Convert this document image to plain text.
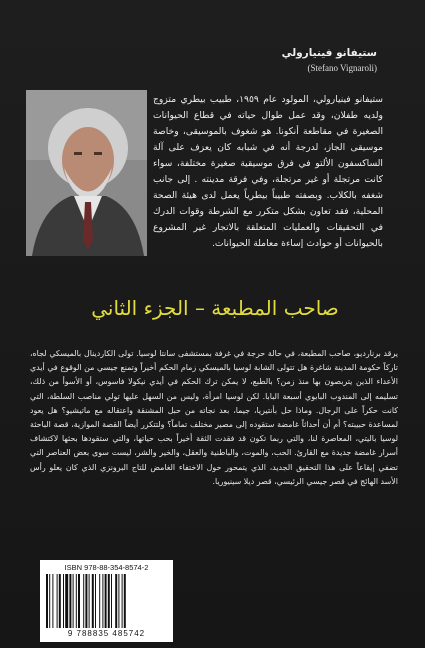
ستيفانو فينيارولي
(Stefano Vignaroli)
ستيفانو فينيارولي، المولود عام ١٩٥٩، طبيب بيطري متزوج ولديه طفلان، وقد عمل طوال حياته في قطاع الحيوانات الصغيرة في مقاطعة أنكونا. هو شغوف بالموسيقى، وخاصة موسيقى الجاز، لدرجة أنه في شبابه كان يعزف على آلة الساكسفون الألتو في فرق موسيقية صغيرة مختلفة، سواء كانت مرتجلة أو غير مرتجلة، وفي فرقة مدينته . إلى جانب شغفه بالكلاب. وبصفته طبيباً بيطرياً يعمل لدى هيئة الصحة المحلية، فقد تعاون بشكل متكرر مع الشرطة وقوات الدرك في التحقيقات والعمليات المتعلقة بالاتجار غير المشروع بالحيوانات أو حوادث إساءة معاملة الحيوانات.
صاحب المطبعة – الجزء الثاني
يرقد برنارديو، صاحب المطبعة، في حالة حرجة في غرفة بمستشفى سانتا لوسيا. تولى الكاردينال بالميسكي لجاه، تاركاً حكومة المدينة شاغرة هل تتولى الشابة لوسيا بالميسكي زمام الحكم أخيراً وتمنع جيسي من الوقوع في أيدي الأعداء الذين يتربصون بها منذ زمن؟ بالطبع، لا يمكن ترك الحكم في أيدي نيكولا فاسوس، أو الأسوأ من ذلك، تسليمه إلى المندوب البابوي أسبعة البابا. لكن لوسيا امرأة، وليس من السهل عليها تولي مناصب السلطة، التي كانت حكراً على الرجال. وماذا حل بأنتيريا، جيما، بعد نجاته من حبل المشنقة واعتقاله مع ماتيشيو؟ هل يعود لمساعدة حبيبته؟ أم أن أحداثاً غامضة ستقوده إلى مصير مختلف تماماً؟ ولتتكرر أيضاً القصة الموازية، قصة الباحثة لوسيا باليتي، المعاصرة لنا، والتي ربما تكون قد فقدت الثقة أخيراً بحب حياتها، والتي ستقودها بحثها لاكتشاف أسرار غامضة جديدة مع القارئ. الحب، والموت، والباطنية والعقل، والخير والشر، ليست سوى بعض العناصر التي تضفي إيقاعاً على هذا التحقيق الجديد، الذي يتمحور حول الاختفاء الغامض للتاج البرونزي الذي كان يعلو رأس الأسد الهائج في قصر جيسي الرئيسي، قصر ديلا سينيوريا.
ISBN 978-88-354-8574-2
9 788835 485742
